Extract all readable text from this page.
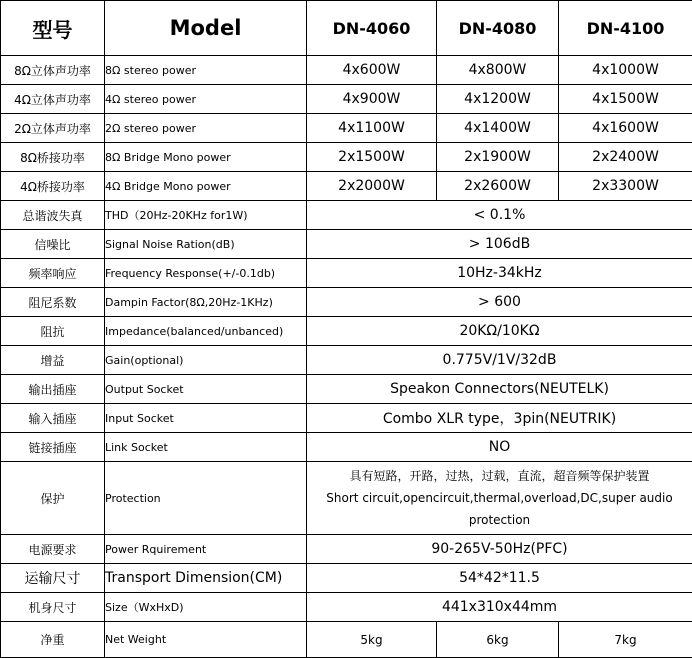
型号	Model	DN-4060	DN-4080	DN-4100
8Ω立体声功率	8Ω stereo power	4x600W	4x800W	4x1000W
4Ω立体声功率	4Ω stereo power	4x900W	4x1200W	4x1500W
2Ω立体声功率	2Ω stereo power	4x1100W	4x1400W	4x1600W
8Ω桥接功率	8Ω Bridge Mono power	2x1500W	2x1900W	2x2400W
4Ω桥接功率	4Ω Bridge Mono power	2x2000W	2x2600W	2x3300W
总谐波失真	THD（20Hz-20KHz for1W)	< 0.1%		
信噪比	Signal Noise Ration(dB)	> 106dB		
频率响应	Frequency Response(+/-0.1db)	10Hz-34kHz		
阻尼系数	Dampin Factor(8Ω,20Hz-1KHz)	> 600		
阻抗	Impedance(balanced/unbanced)	20KΩ/10KΩ		
增益	Gain(optional)	0.775V/1V/32dB		
输出插座	Output Socket	Speakon Connectors(NEUTELK)		
输入插座	Input Socket	Combo XLR type，3pin(NEUTRIK)		
链接插座	Link Socket	NO		
保护	Protection	具有短路，开路，过热，过载，直流，超音频等保护装置
Short circuit,opencircuit,thermal,overload,DC,super audio
protection		

电源要求	Power Rquirement	90-265V-50Hz(PFC)		
运输尺寸	Transport Dimension(CM)	54*42*11.5		
机身尺寸	Size（WxHxD)	441x310x44mm		
净重	Net Weight	5kg	6kg	7kg
